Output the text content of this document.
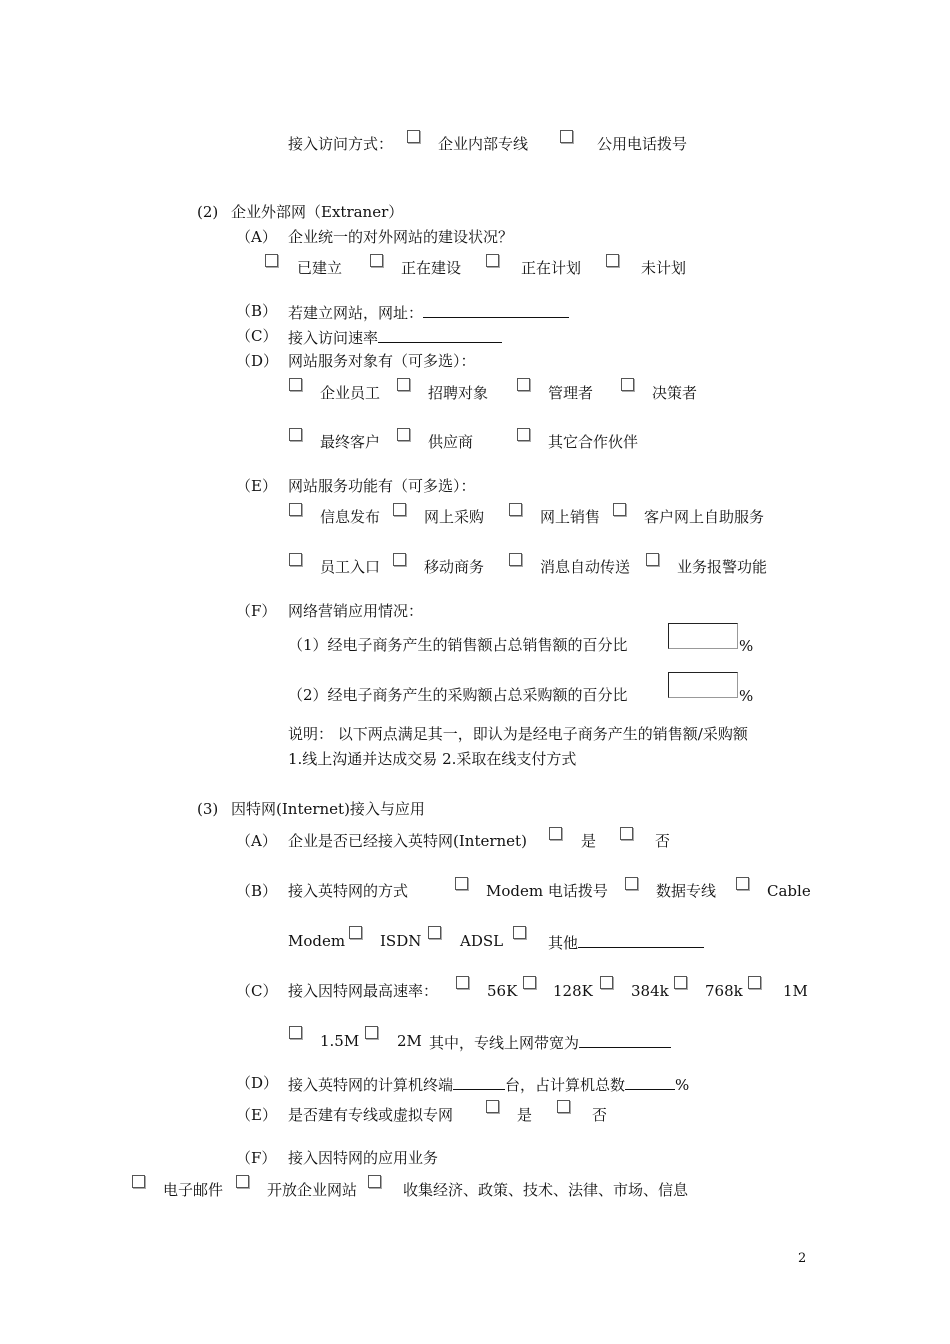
接入访问方式：	企业内部专线	公用电话拨号
(2) 企业外部网（Extraner）
（A） 企业统一的对外网站的建设状况？
已建立	正在建设	正在计划	未计划
（B） 若建立网站，网址：
（C） 接入访问速率
（D） 网站服务对象有（可多选）：
企业员工	招聘对象	管理者	决策者
最终客户	供应商	其它合作伙伴
（E） 网站服务功能有（可多选）：
信息发布	网上采购	网上销售	客户网上自助服务
员工入口	移动商务	消息自动传送	业务报警功能
（F） 网络营销应用情况：
（1）经电子商务产生的销售额占总销售额的百分比	%
（2）经电子商务产生的采购额占总采购额的百分比	%
说明： 以下两点满足其一，即认为是经电子商务产生的销售额/采购额
1.线上沟通并达成交易 2.采取在线支付方式
(3) 因特网(Internet)接入与应用
（A） 企业是否已经接入英特网(Internet)	是	否
（B） 接入英特网的方式	Modem 电话拨号	数据专线	Cable
Modem ISDN	ADSL	其他
（C） 接入因特网最高速率：	56K 128K	384k 768k	1M
1.5M	2M 其中，专线上网带宽为
（D） 接入英特网的计算机终端	台，占计算机总数	%
（E） 是否建有专线或虚拟专网	是	否
（F） 接入因特网的应用业务
电子邮件	开放企业网站	收集经济、政策、技术、法律、市场、信息
2
